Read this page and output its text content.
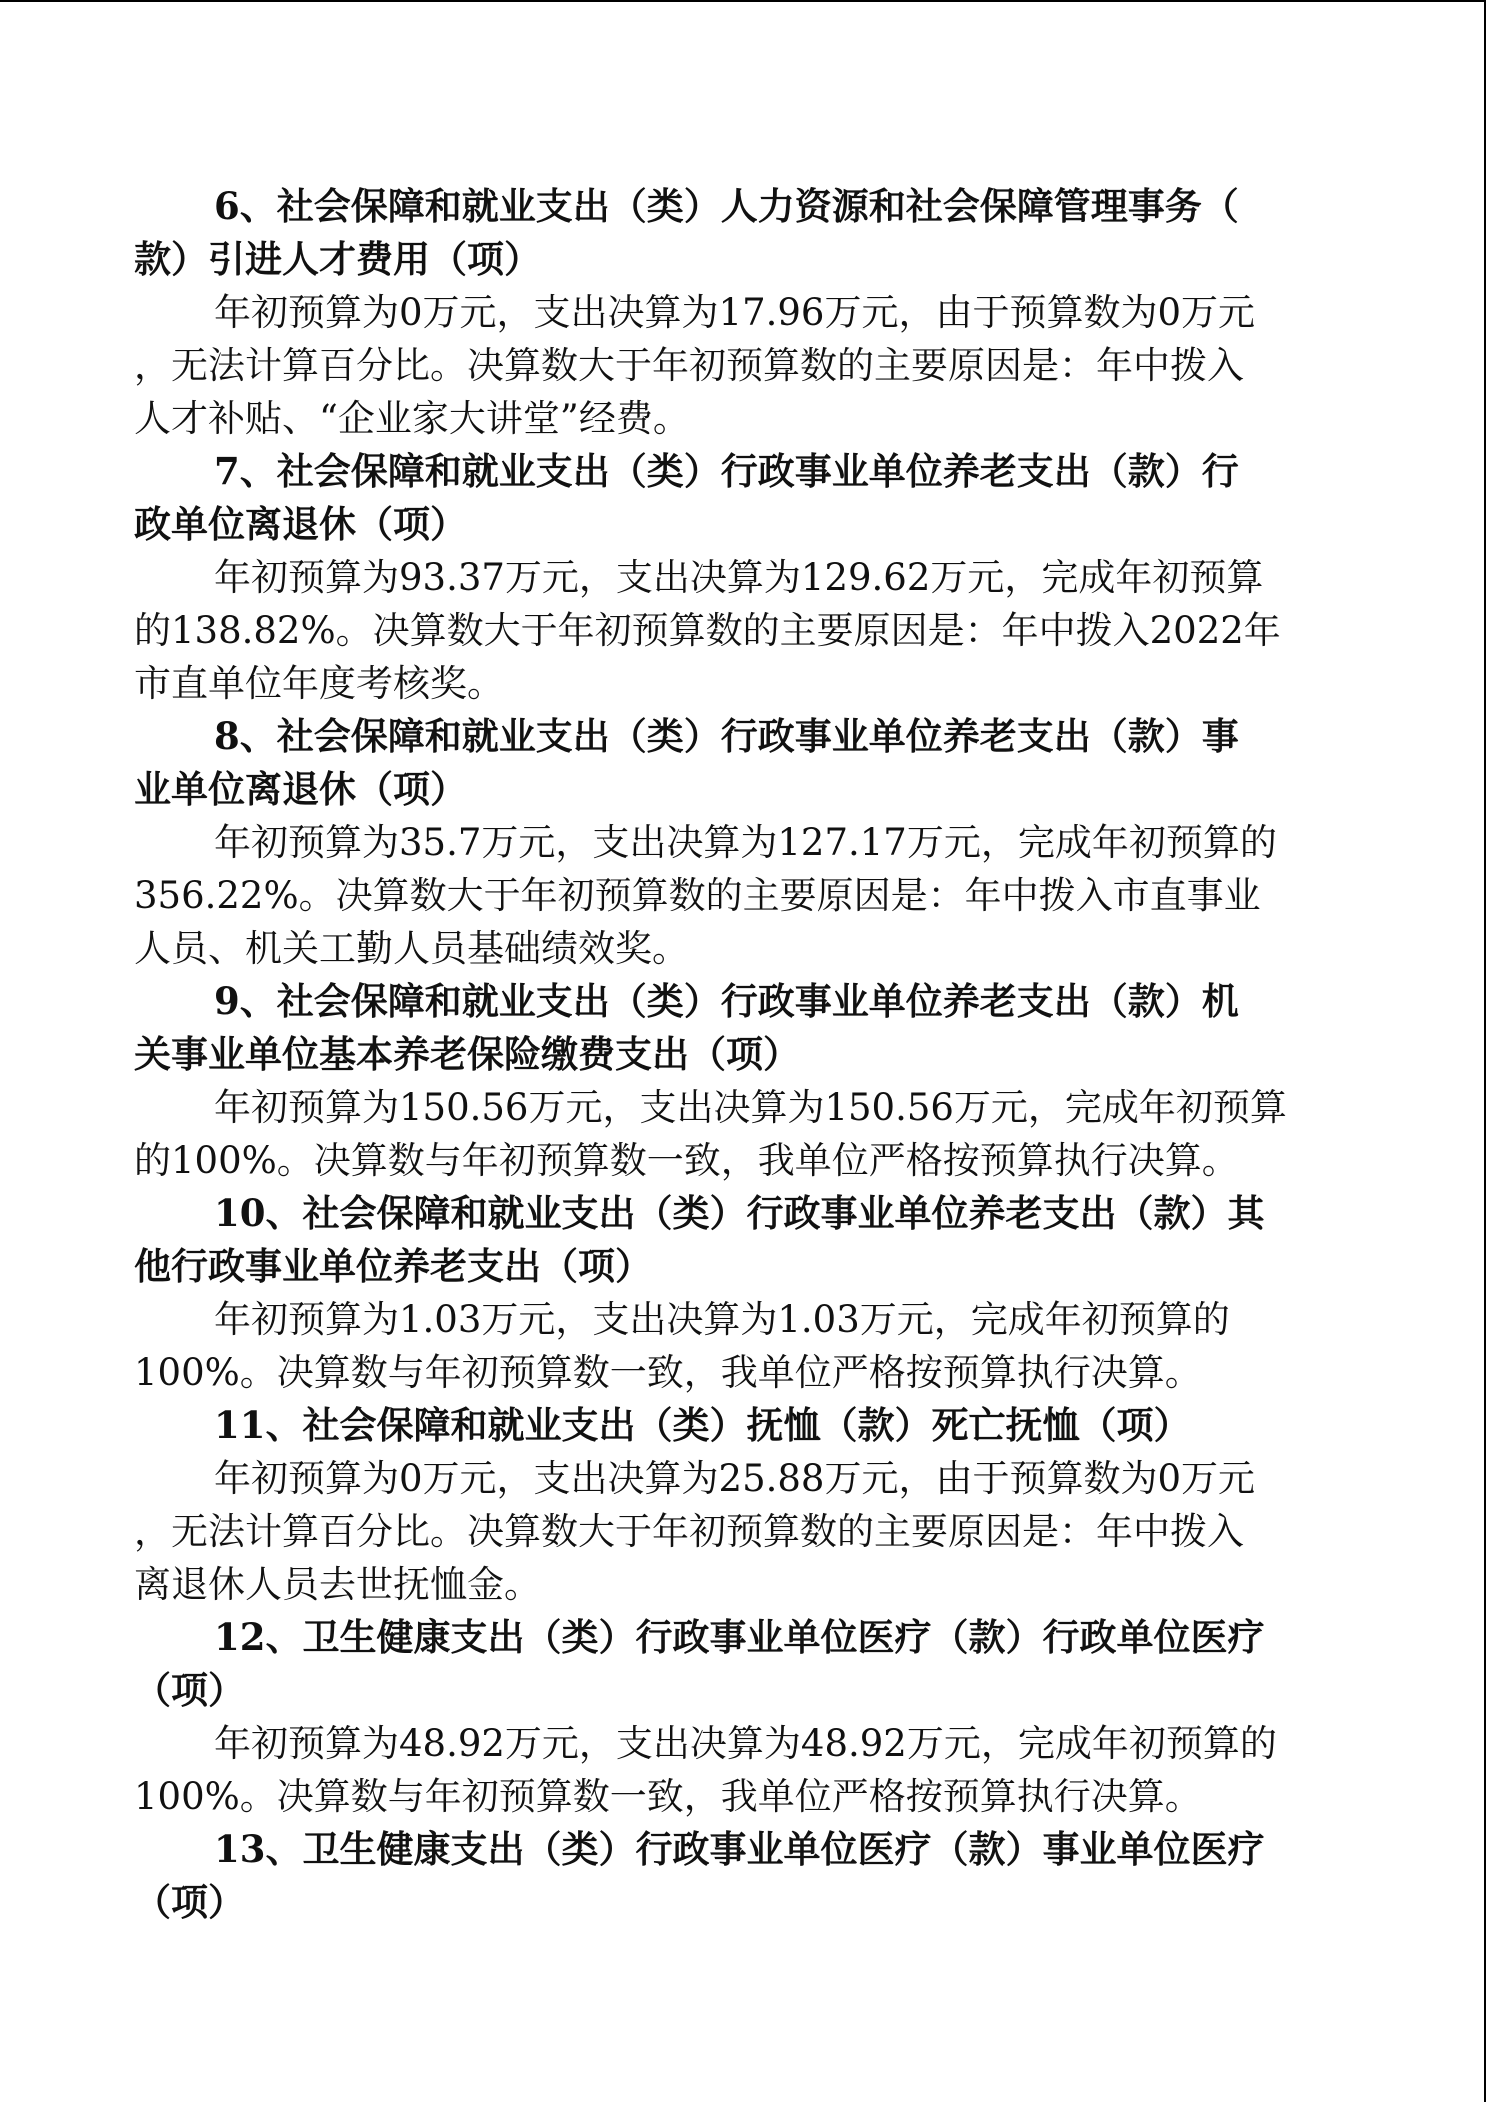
6、社会保障和就业支出（类）人力资源和社会保障管理事务（
款）引进人才费用（项）
年初预算为0万元，支出决算为17.96万元，由于预算数为0万元
，无法计算百分比。决算数大于年初预算数的主要原因是：年中拨入
人才补贴、“企业家大讲堂”经费。
7、社会保障和就业支出（类）行政事业单位养老支出（款）行
政单位离退休（项）
年初预算为93.37万元，支出决算为129.62万元，完成年初预算
的138.82%。决算数大于年初预算数的主要原因是：年中拨入2022年
市直单位年度考核奖。
8、社会保障和就业支出（类）行政事业单位养老支出（款）事
业单位离退休（项）
年初预算为35.7万元，支出决算为127.17万元，完成年初预算的
356.22%。决算数大于年初预算数的主要原因是：年中拨入市直事业
人员、机关工勤人员基础绩效奖。
9、社会保障和就业支出（类）行政事业单位养老支出（款）机
关事业单位基本养老保险缴费支出（项）
年初预算为150.56万元，支出决算为150.56万元，完成年初预算
的100%。决算数与年初预算数一致，我单位严格按预算执行决算。
10、社会保障和就业支出（类）行政事业单位养老支出（款）其
他行政事业单位养老支出（项）
年初预算为1.03万元，支出决算为1.03万元，完成年初预算的
100%。决算数与年初预算数一致，我单位严格按预算执行决算。
11、社会保障和就业支出（类）抚恤（款）死亡抚恤（项）
年初预算为0万元，支出决算为25.88万元，由于预算数为0万元
，无法计算百分比。决算数大于年初预算数的主要原因是：年中拨入
离退休人员去世抚恤金。
12、卫生健康支出（类）行政事业单位医疗（款）行政单位医疗
（项）
年初预算为48.92万元，支出决算为48.92万元，完成年初预算的
100%。决算数与年初预算数一致，我单位严格按预算执行决算。
13、卫生健康支出（类）行政事业单位医疗（款）事业单位医疗
（项）
